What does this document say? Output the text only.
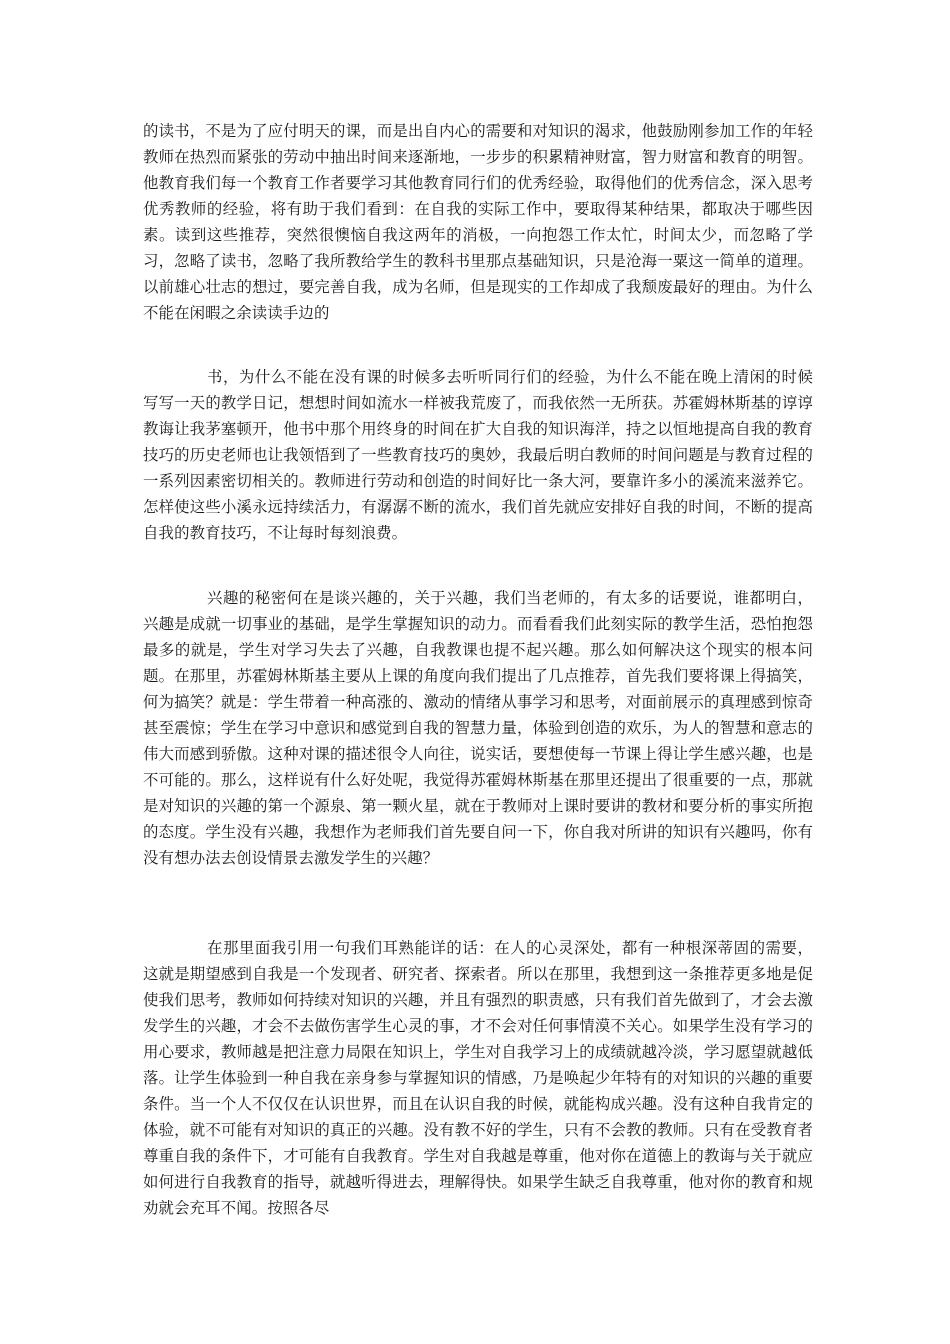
的读书，不是为了应付明天的课，而是出自内心的需要和对知识的渴求，他鼓励刚参加工作的年轻教师在热烈而紧张的劳动中抽出时间来逐渐地，一步步的积累精神财富，智力财富和教育的明智。他教育我们每一个教育工作者要学习其他教育同行们的优秀经验，取得他们的优秀信念，深入思考优秀教师的经验，将有助于我们看到：在自我的实际工作中，要取得某种结果，都取决于哪些因素。读到这些推荐，突然很懊恼自我这两年的消极，一向抱怨工作太忙，时间太少，而忽略了学习，忽略了读书，忽略了我所教给学生的教科书里那点基础知识，只是沧海一粟这一简单的道理。以前雄心壮志的想过，要完善自我，成为名师，但是现实的工作却成了我颓废最好的理由。为什么不能在闲暇之余读读手边的

书，为什么不能在没有课的时候多去听听同行们的经验，为什么不能在晚上清闲的时候写写一天的教学日记，想想时间如流水一样被我荒废了，而我依然一无所获。苏霍姆林斯基的谆谆教诲让我茅塞顿开，他书中那个用终身的时间在扩大自我的知识海洋，持之以恒地提高自我的教育技巧的历史老师也让我领悟到了一些教育技巧的奥妙，我最后明白教师的时间问题是与教育过程的一系列因素密切相关的。教师进行劳动和创造的时间好比一条大河，要靠许多小的溪流来滋养它。怎样使这些小溪永远持续活力，有潺潺不断的流水，我们首先就应安排好自我的时间，不断的提高自我的教育技巧，不让每时每刻浪费。

兴趣的秘密何在是谈兴趣的，关于兴趣，我们当老师的，有太多的话要说，谁都明白，兴趣是成就一切事业的基础，是学生掌握知识的动力。而看看我们此刻实际的教学生活，恐怕抱怨最多的就是，学生对学习失去了兴趣，自我教课也提不起兴趣。那么如何解决这个现实的根本问题。在那里，苏霍姆林斯基主要从上课的角度向我们提出了几点推荐，首先我们要将课上得搞笑，何为搞笑？就是：学生带着一种高涨的、激动的情绪从事学习和思考，对面前展示的真理感到惊奇甚至震惊；学生在学习中意识和感觉到自我的智慧力量，体验到创造的欢乐，为人的智慧和意志的伟大而感到骄傲。这种对课的描述很令人向往，说实话，要想使每一节课上得让学生感兴趣，也是不可能的。那么，这样说有什么好处呢，我觉得苏霍姆林斯基在那里还提出了很重要的一点，那就是对知识的兴趣的第一个源泉、第一颗火星，就在于教师对上课时要讲的教材和要分析的事实所抱的态度。学生没有兴趣，我想作为老师我们首先要自问一下，你自我对所讲的知识有兴趣吗，你有没有想办法去创设情景去激发学生的兴趣？

在那里面我引用一句我们耳熟能详的话：在人的心灵深处，都有一种根深蒂固的需要，这就是期望感到自我是一个发现者、研究者、探索者。所以在那里，我想到这一条推荐更多地是促使我们思考，教师如何持续对知识的兴趣，并且有强烈的职责感，只有我们首先做到了，才会去激发学生的兴趣，才会不去做伤害学生心灵的事，才不会对任何事情漠不关心。如果学生没有学习的用心要求，教师越是把注意力局限在知识上，学生对自我学习上的成绩就越冷淡，学习愿望就越低落。让学生体验到一种自我在亲身参与掌握知识的情感，乃是唤起少年特有的对知识的兴趣的重要条件。当一个人不仅仅在认识世界，而且在认识自我的时候，就能构成兴趣。没有这种自我肯定的体验，就不可能有对知识的真正的兴趣。没有教不好的学生，只有不会教的教师。只有在受教育者尊重自我的条件下，才可能有自我教育。学生对自我越是尊重，他对你在道德上的教诲与关于就应如何进行自我教育的指导，就越听得进去，理解得快。如果学生缺乏自我尊重，他对你的教育和规劝就会充耳不闻。按照各尽
